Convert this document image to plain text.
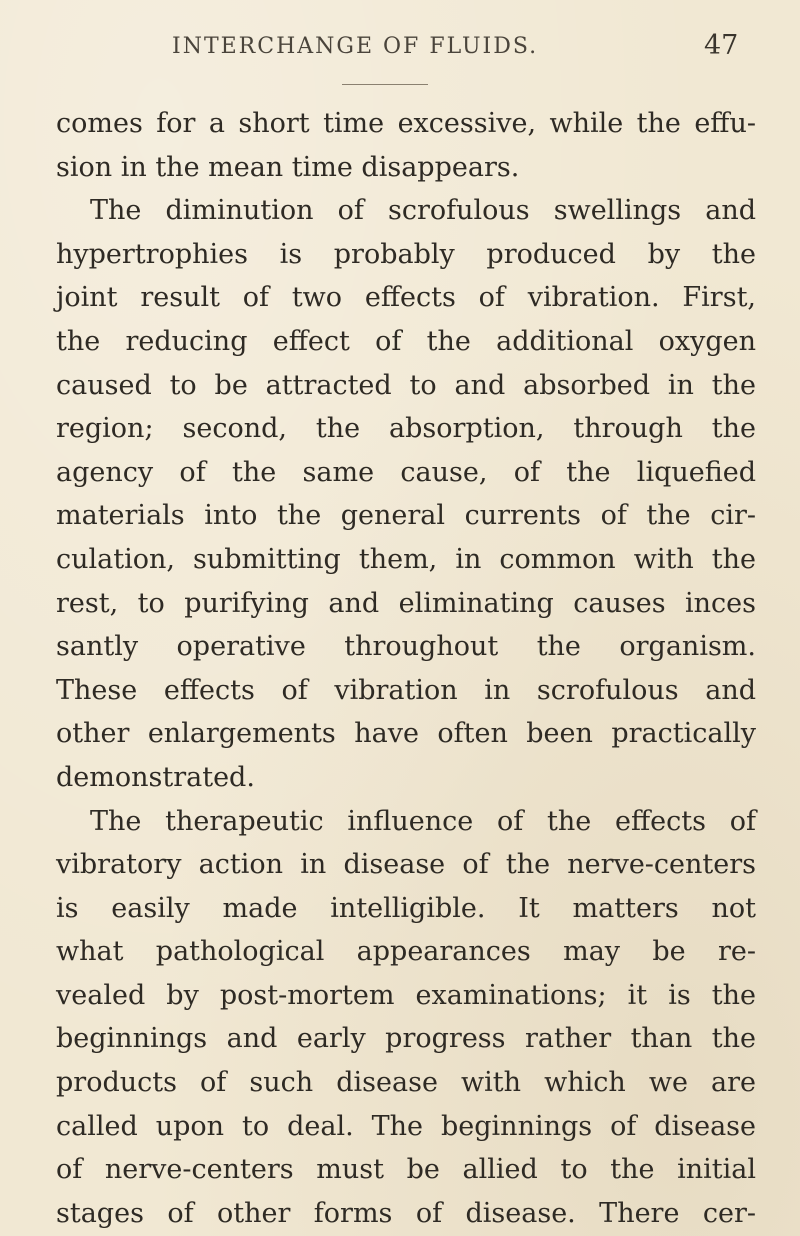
INTERCHANGE OF FLUIDS.	47
comes for a short time excessive, while the effu-
sion in the mean time disappears.
The diminution of scrofulous swellings and
hypertrophies is probably produced by the
joint result of two effects of vibration. First,
the reducing effect of the additional oxygen
caused to be attracted to and absorbed in the
region; second, the absorption, through the
agency of the same cause, of the liquefied
materials into the general currents of the cir-
culation, submitting them, in common with the
rest, to purifying and eliminating causes inces
santly operative throughout the organism.
These effects of vibration in scrofulous and
other enlargements have often been practically
demonstrated.
The therapeutic influence of the effects of
vibratory action in disease of the nerve-centers
is easily made intelligible. It matters not
what pathological appearances may be re-
vealed by post-mortem examinations; it is the
beginnings and early progress rather than the
products of such disease with which we are
called upon to deal. The beginnings of disease
of nerve-centers must be allied to the initial
stages of other forms of disease. There cer-
